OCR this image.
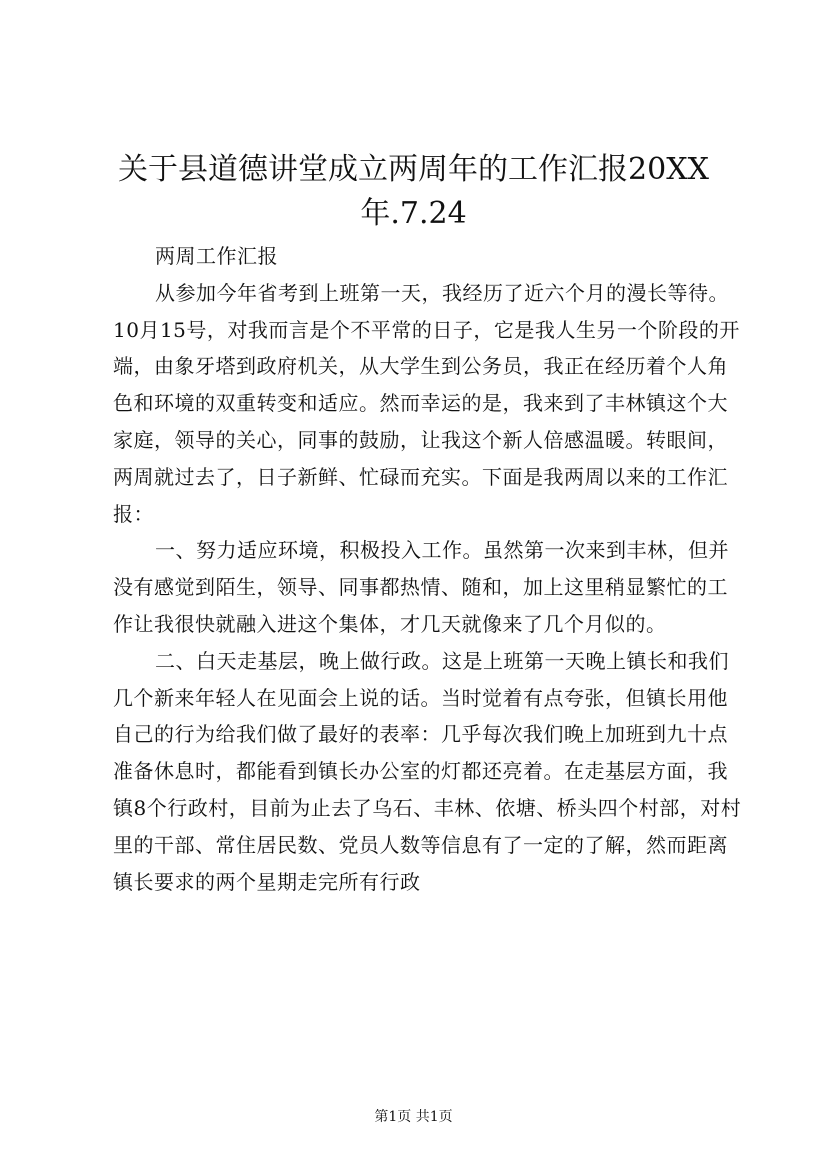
关于县道德讲堂成立两周年的工作汇报20XX
年.7.24

两周工作汇报

从参加今年省考到上班第一天，我经历了近六个月的漫长等待。10月15号，对我而言是个不平常的日子，它是我人生另一个阶段的开端，由象牙塔到政府机关，从大学生到公务员，我正在经历着个人角色和环境的双重转变和适应。然而幸运的是，我来到了丰林镇这个大家庭，领导的关心，同事的鼓励，让我这个新人倍感温暖。转眼间，两周就过去了，日子新鲜、忙碌而充实。下面是我两周以来的工作汇报：

一、努力适应环境，积极投入工作。虽然第一次来到丰林，但并没有感觉到陌生，领导、同事都热情、随和，加上这里稍显繁忙的工作让我很快就融入进这个集体，才几天就像来了几个月似的。

二、白天走基层，晚上做行政。这是上班第一天晚上镇长和我们几个新来年轻人在见面会上说的话。当时觉着有点夸张，但镇长用他自己的行为给我们做了最好的表率：几乎每次我们晚上加班到九十点准备休息时，都能看到镇长办公室的灯都还亮着。在走基层方面，我镇8个行政村，目前为止去了乌石、丰林、依塘、桥头四个村部，对村里的干部、常住居民数、党员人数等信息有了一定的了解，然而距离镇长要求的两个星期走完所有行政

第1页 共1页
